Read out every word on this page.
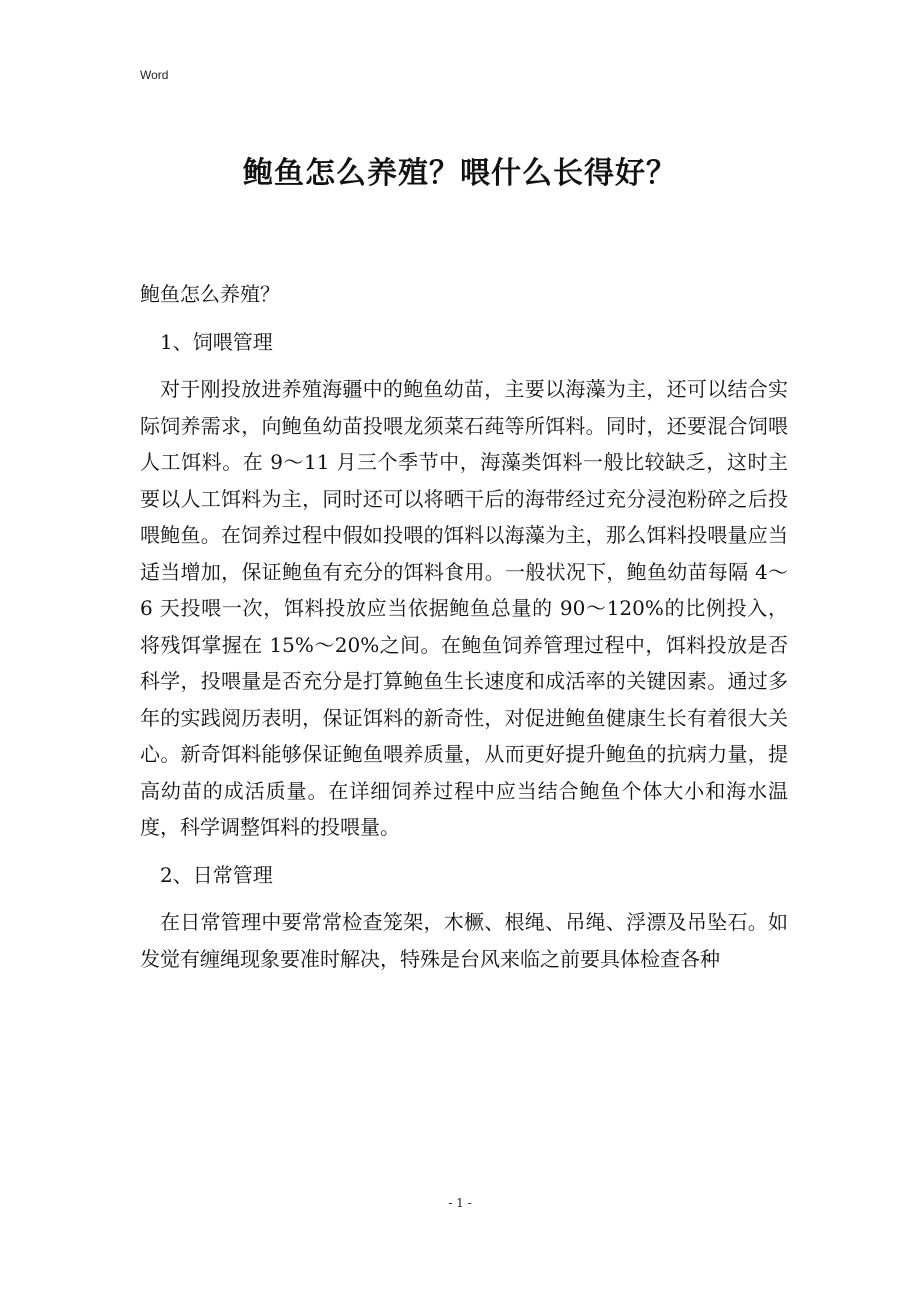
Word
鲍鱼怎么养殖？喂什么长得好？

鲍鱼怎么养殖？

1、饲喂管理

对于刚投放进养殖海疆中的鲍鱼幼苗，主要以海藻为主，还可以结合实际饲养需求，向鲍鱼幼苗投喂龙须菜石莼等所饵料。同时，还要混合饲喂人工饵料。在 9～11 月三个季节中，海藻类饵料一般比较缺乏，这时主要以人工饵料为主，同时还可以将晒干后的海带经过充分浸泡粉碎之后投喂鲍鱼。在饲养过程中假如投喂的饵料以海藻为主，那么饵料投喂量应当适当增加，保证鲍鱼有充分的饵料食用。一般状况下，鲍鱼幼苗每隔 4～6 天投喂一次，饵料投放应当依据鲍鱼总量的 90～120%的比例投入，将残饵掌握在 15%～20%之间。在鲍鱼饲养管理过程中，饵料投放是否科学，投喂量是否充分是打算鲍鱼生长速度和成活率的关键因素。通过多年的实践阅历表明，保证饵料的新奇性，对促进鲍鱼健康生长有着很大关心。新奇饵料能够保证鲍鱼喂养质量，从而更好提升鲍鱼的抗病力量，提高幼苗的成活质量。在详细饲养过程中应当结合鲍鱼个体大小和海水温度，科学调整饵料的投喂量。

2、日常管理

在日常管理中要常常检查笼架，木橛、根绳、吊绳、浮漂及吊坠石。如发觉有缠绳现象要准时解决，特殊是台风来临之前要具体检查各种

- 1 -
